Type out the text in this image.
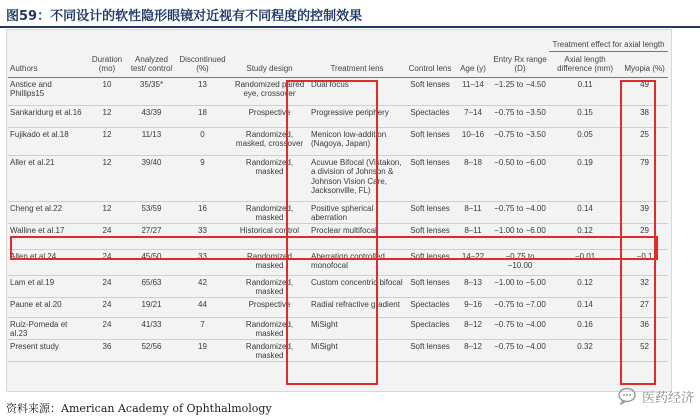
图59：不同设计的软性隐形眼镜对近视有不同程度的控制效果
									Treatment effect for axial length	
Authors	Duration (mo)	Analyzed test/ control	Discontinued (%)	Study design	Treatment lens	Control lens	Age (y)	Entry Rx range (D)	Axial length difference (mm)	Myopia (%)
Anstice and Phillips15	10	35/35*	13	Randomized paired eye, crossover	Dual focus	Soft lenses	11–14	−1.25 to −4.50	0.11	49
Sankaridurg et al.16	12	43/39	18	Prospective	Progressive periphery	Spectacles	7–14	−0.75 to −3.50	0.15	38
Fujikado et al.18	12	11/13	0	Randomized, masked, crossover	Menicon low-addition (Nagoya, Japan)	Soft lenses	10–16	−0.75 to −3.50	0.05	25
Aller et al.21	12	39/40	9	Randomized, masked	Acuvue Bifocal (Vistakon, a division of Johnson & Johnson Vision Care, Jacksonville, FL)	Soft lenses	8–18	−0.50 to −6.00	0.19	79
Cheng et al.22	12	53/59	16	Randomized, masked	Positive spherical aberration	Soft lenses	8–11	−0.75 to −4.00	0.14	39
Walline et al.17	24	27/27	33	Historical control	Proclear multifocal	Soft lenses	8–11	−1.00 to −6.00	0.12	29
Allen et al.24	24	45/50	33	Randomized masked	Aberration controlled monofocal	Soft lenses	14–22	−0.75 to −10.00	−0.01	−0.1
Lam et al.19	24	65/63	42	Randomized, masked	Custom concentric bifocal	Soft lenses	8–13	−1.00 to −5.00	0.12	32
Paune et al.20	24	19/21	44	Prospective	Radial refractive gradient	Spectacles	9–16	−0.75 to −7.00	0.14	27
Ruiz-Pomeda et al.23	24	41/33	7	Randomized, masked	MiSight	Spectacles	8–12	−0.75 to −4.00	0.16	36
Present study	36	52/56	19	Randomized, masked	MiSight	Soft lenses	8–12	−0.75 to −4.00	0.32	52
资料来源：American Academy of Ophthalmology
医药经济
